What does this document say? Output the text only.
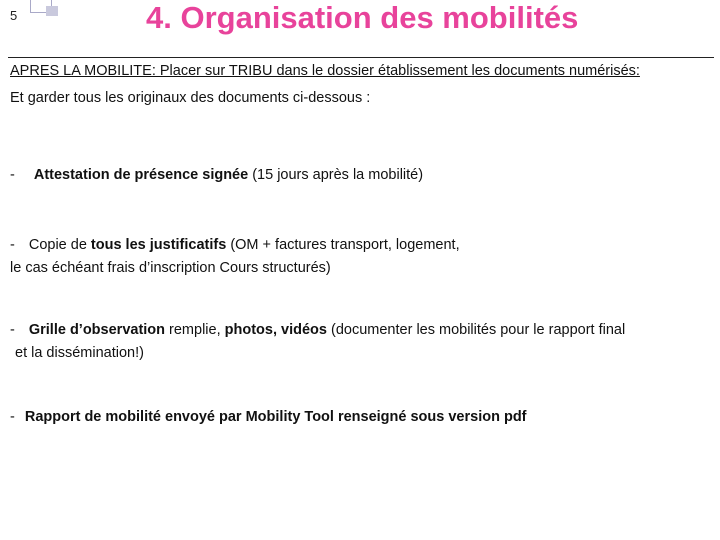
5	4. Organisation des mobilités
APRES LA MOBILITE: Placer sur TRIBU dans le dossier établissement les documents numérisés:
Et garder tous les originaux des documents ci-dessous :
- Attestation de présence signée (15 jours après la mobilité)
- Copie de tous les justificatifs (OM + factures transport, logement,
le cas échéant frais d’inscription Cours structurés)
- Grille d’observation remplie, photos, vidéos (documenter les mobilités pour le rapport final
et la dissémination!)
- Rapport de mobilité envoyé par Mobility Tool renseigné sous version pdf
